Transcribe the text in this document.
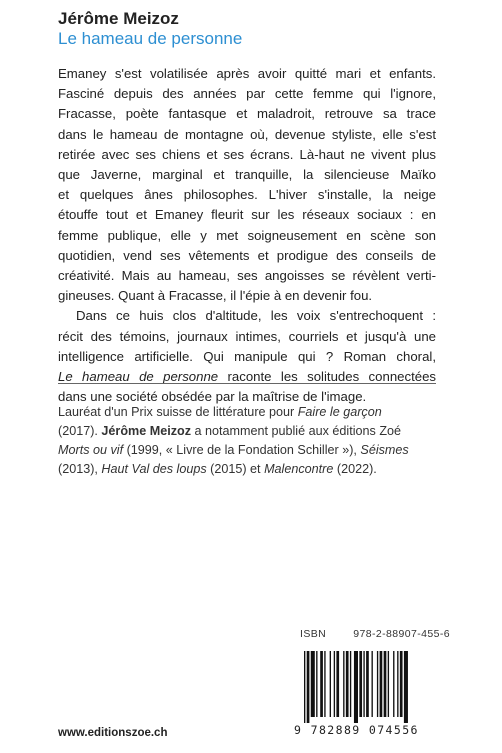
Jérôme Meizoz
Le hameau de personne

Emaney s'est volatilisée après avoir quitté mari et enfants.
Fasciné depuis des années par cette femme qui l'ignore,
Fracasse, poète fantasque et maladroit, retrouve sa trace
dans le hameau de montagne où, devenue styliste, elle s'est
retirée avec ses chiens et ses écrans. Là-haut ne vivent plus
que Javerne, marginal et tranquille, la silencieuse Maïko
et quelques ânes philosophes. L'hiver s'installe, la neige
étouffe tout et Emaney fleurit sur les réseaux sociaux : en
femme publique, elle y met soigneusement en scène son
quotidien, vend ses vêtements et prodigue des conseils de
créativité. Mais au hameau, ses angoisses se révèlent verti-
gineuses. Quant à Fracasse, il l'épie à en devenir fou.

Dans ce huis clos d'altitude, les voix s'entrechoquent :
récit des témoins, journaux intimes, courriels et jusqu'à une
intelligence artificielle. Qui manipule qui ? Roman choral,
Le hameau de personne raconte les solitudes connectées
dans une société obsédée par la maîtrise de l'image.

Lauréat d'un Prix suisse de littérature pour Faire le garçon
(2017). Jérôme Meizoz a notamment publié aux éditions Zoé
Morts ou vif (1999, « Livre de la Fondation Schiller »), Séismes
(2013), Haut Val des loups (2015) et Malencontre (2022).
ISBN	978-2-88907-455-6
9 782889 074556
www.editionszoe.ch
